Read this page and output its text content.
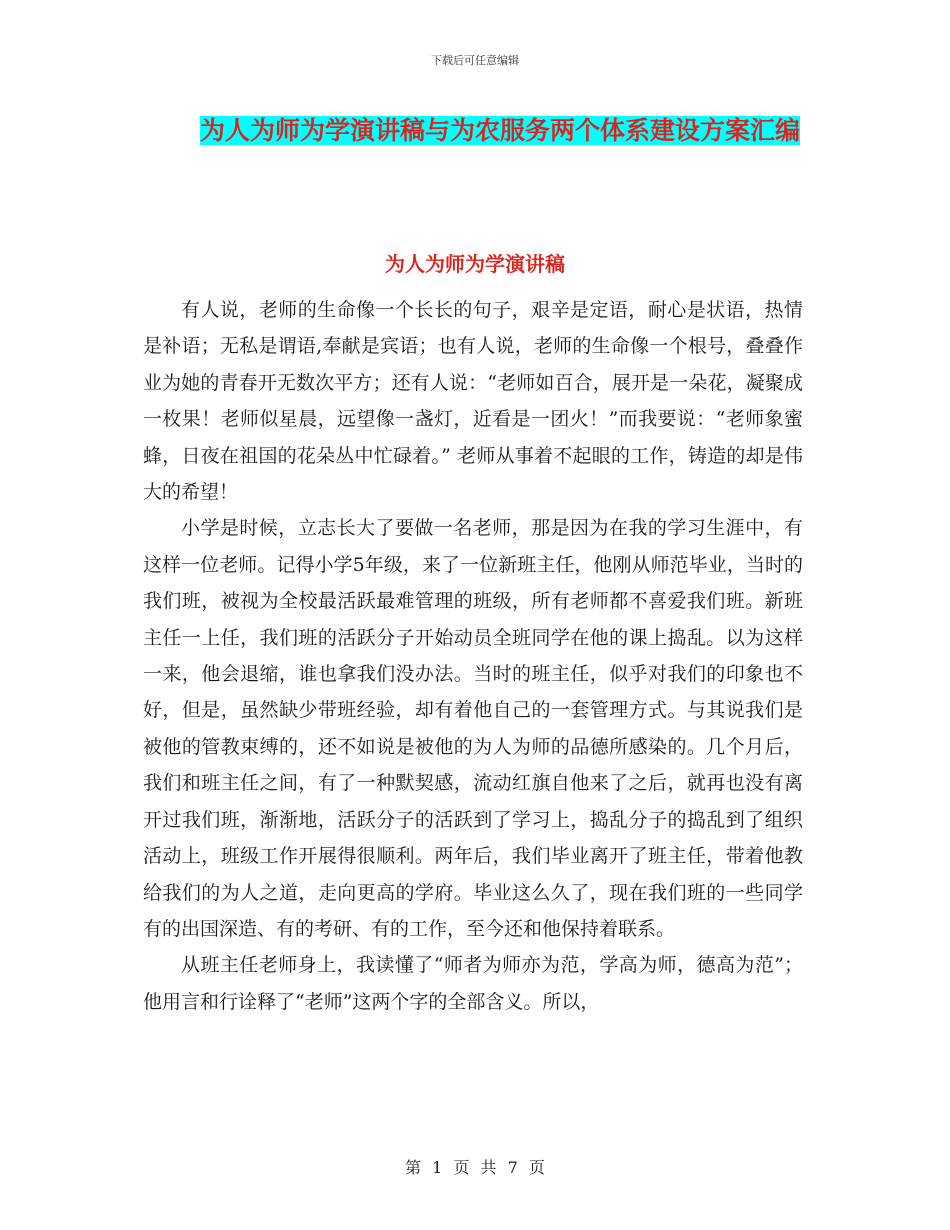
下载后可任意编辑
为人为师为学演讲稿与为农服务两个体系建设方案汇编
为人为师为学演讲稿

有人说，老师的生命像一个长长的句子，艰辛是定语，耐心是状语，热情是补语；无私是谓语,奉献是宾语；也有人说，老师的生命像一个根号，叠叠作业为她的青春开无数次平方；还有人说：“老师如百合，展开是一朵花，凝聚成一枚果！老师似星晨，远望像一盏灯，近看是一团火！”而我要说：“老师象蜜蜂，日夜在祖国的花朵丛中忙碌着。” 老师从事着不起眼的工作，铸造的却是伟大的希望！

小学是时候，立志长大了要做一名老师，那是因为在我的学习生涯中，有这样一位老师。记得小学5年级，来了一位新班主任，他刚从师范毕业，当时的我们班，被视为全校最活跃最难管理的班级，所有老师都不喜爱我们班。新班主任一上任，我们班的活跃分子开始动员全班同学在他的课上捣乱。以为这样一来，他会退缩，谁也拿我们没办法。当时的班主任，似乎对我们的印象也不好，但是，虽然缺少带班经验，却有着他自己的一套管理方式。与其说我们是被他的管教束缚的，还不如说是被他的为人为师的品德所感染的。几个月后，我们和班主任之间，有了一种默契感，流动红旗自他来了之后，就再也没有离开过我们班，渐渐地，活跃分子的活跃到了学习上，捣乱分子的捣乱到了组织活动上，班级工作开展得很顺利。两年后，我们毕业离开了班主任，带着他教给我们的为人之道，走向更高的学府。毕业这么久了，现在我们班的一些同学有的出国深造、有的考研、有的工作，至今还和他保持着联系。

从班主任老师身上，我读懂了“师者为师亦为范，学高为师，德高为范”；他用言和行诠释了“老师”这两个字的全部含义。所以，

第 1 页 共 7 页
